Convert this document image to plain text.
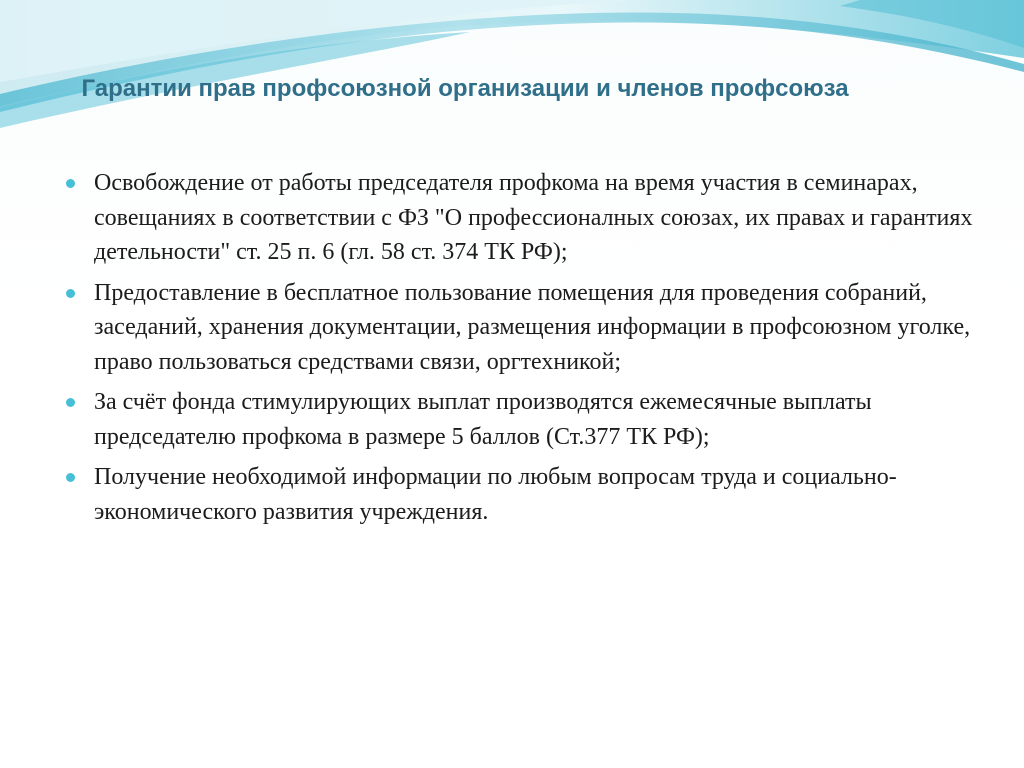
Гарантии прав профсоюзной организации и членов профсоюза
Освобождение от работы председателя профкома на время участия в семинарах, совещаниях в соответствии с ФЗ "О профессионалных союзах, их правах и гарантиях детельности" ст. 25 п. 6 (гл. 58 ст. 374 ТК РФ);
Предоставление в бесплатное пользование помещения для проведения собраний, заседаний, хранения документации, размещения информации в профсоюзном уголке, право пользоваться средствами связи, оргтехникой;
За счёт фонда стимулирующих выплат производятся ежемесячные выплаты председателю профкома в размере 5 баллов (Ст.377 ТК РФ);
Получение необходимой информации по любым вопросам труда и социально-экономического развития учреждения.
